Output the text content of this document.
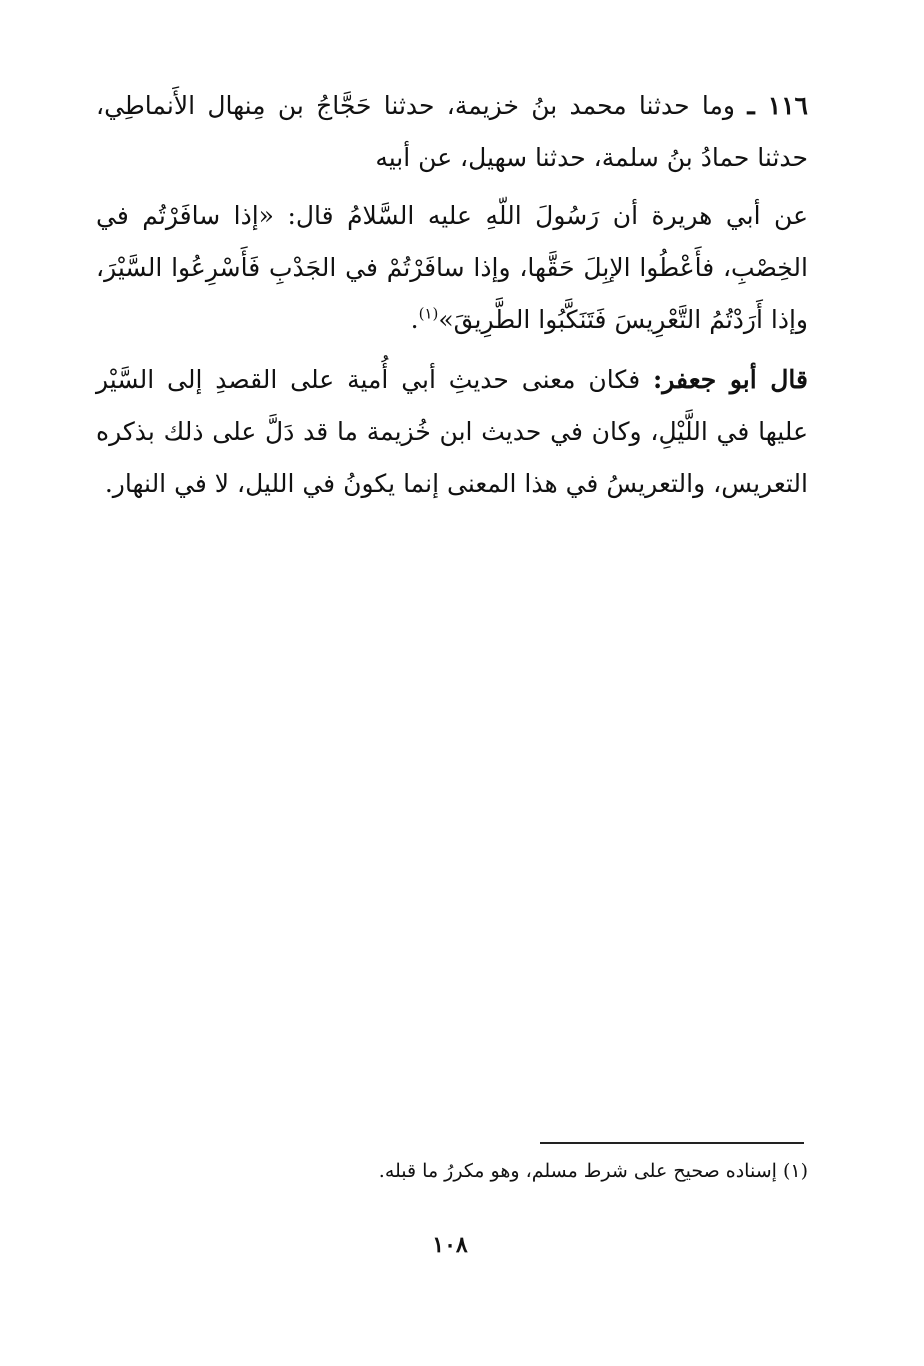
١١٦ ـ وما حدثنا محمد بنُ خزيمة، حدثنا حَجَّاجُ بن مِنهال الأَنماطِي، حدثنا حمادُ بنُ سلمة، حدثنا سهيل، عن أبيه
عن أبي هريرة أن رَسُولَ اللّهِ عليه السَّلامُ قال: «إذا سافَرْتُم في الخِصْبِ، فأَعْطُوا الإبِلَ حَقَّها، وإذا سافَرْتُمْ في الجَدْبِ فَأَسْرِعُوا السَّيْرَ، وإذا أَرَدْتُمُ التَّعْرِيسَ فَتَنَكَّبُوا الطَّرِيقَ»$^{(١)}$.
قال أبو جعفر: فكان معنى حديثِ أبي أُمية على القصدِ إلى السَّيْر عليها في اللَّيْلِ، وكان في حديث ابن خُزيمة ما قد دَلَّ على ذلك بذكره التعريس، والتعريسُ في هذا المعنى إنما يكونُ في الليل، لا في النهار.
(١) إسناده صحيح على شرط مسلم، وهو مكررُ ما قبله.
١٠٨
